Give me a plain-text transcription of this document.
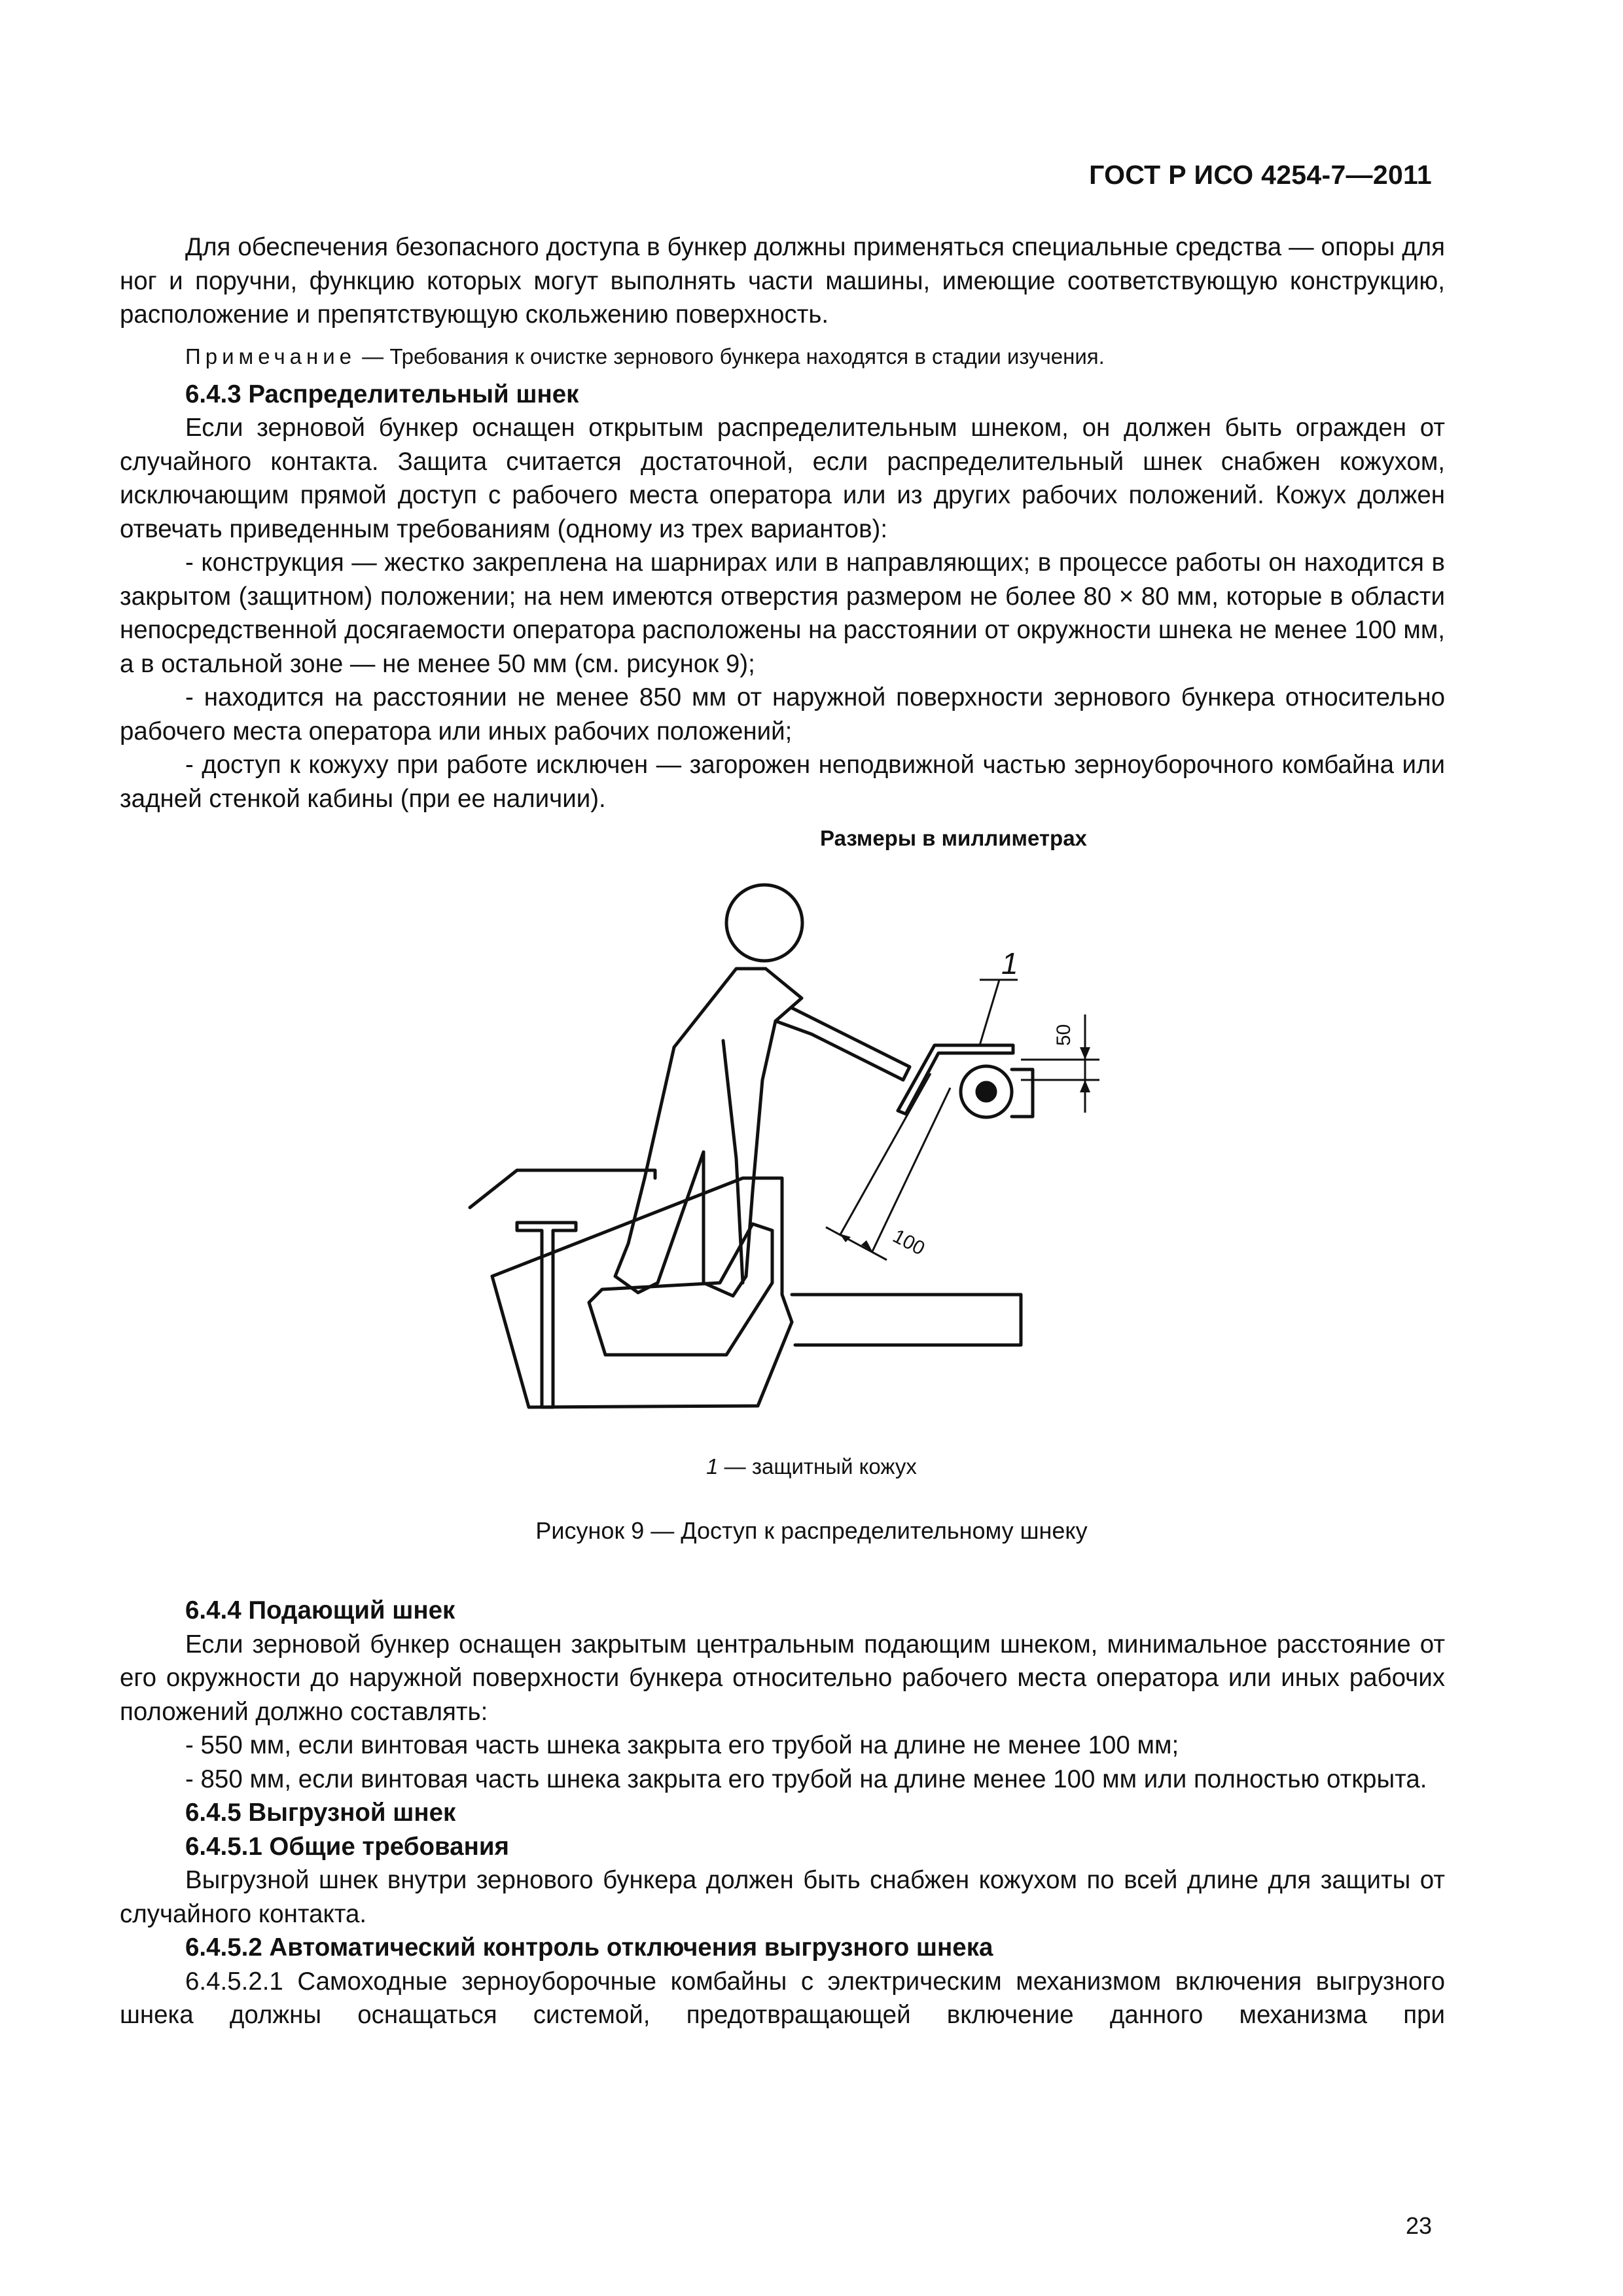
ГОСТ Р ИСО 4254-7—2011

Для обеспечения безопасного доступа в бункер должны применяться специальные средства — опоры для ног и поручни, функцию которых могут выполнять части машины, имеющие соответствующую конструкцию, расположение и препятствующую скольжению поверхность.

Примечание — Требования к очистке зернового бункера находятся в стадии изучения.

6.4.3 Распределительный шнек

Если зерновой бункер оснащен открытым распределительным шнеком, он должен быть огражден от случайного контакта. Защита считается достаточной, если распределительный шнек снабжен кожухом, исключающим прямой доступ с рабочего места оператора или из других рабочих положений. Кожух должен отвечать приведенным требованиям (одному из трех вариантов):

- конструкция — жестко закреплена на шарнирах или в направляющих; в процессе работы он находится в закрытом (защитном) положении; на нем имеются отверстия размером не более 80 × 80 мм, которые в области непосредственной досягаемости оператора расположены на расстоянии от окружности шнека не менее 100 мм, а в остальной зоне — не менее 50 мм (см. рисунок 9);

- находится на расстоянии не менее 850 мм от наружной поверхности зернового бункера относительно рабочего места оператора или иных рабочих положений;

- доступ к кожуху при работе исключен — загорожен неподвижной частью зерноуборочного комбайна или задней стенкой кабины (при ее наличии).

Размеры в миллиметрах
1
50
100
1 — защитный кожух
Рисунок 9 — Доступ к распределительному шнеку

6.4.4 Подающий шнек

Если зерновой бункер оснащен закрытым центральным подающим шнеком, минимальное расстояние от его окружности до наружной поверхности бункера относительно рабочего места оператора или иных рабочих положений должно составлять:

- 550 мм, если винтовая часть шнека закрыта его трубой на длине не менее 100 мм;

- 850 мм, если винтовая часть шнека закрыта его трубой на длине менее 100 мм или полностью открыта.

6.4.5 Выгрузной шнек

6.4.5.1 Общие требования

Выгрузной шнек внутри зернового бункера должен быть снабжен кожухом по всей длине для защиты от случайного контакта.

6.4.5.2 Автоматический контроль отключения выгрузного шнека

6.4.5.2.1 Самоходные зерноуборочные комбайны с электрическим механизмом включения выгрузного шнека должны оснащаться системой, предотвращающей включение данного механизма при

23
